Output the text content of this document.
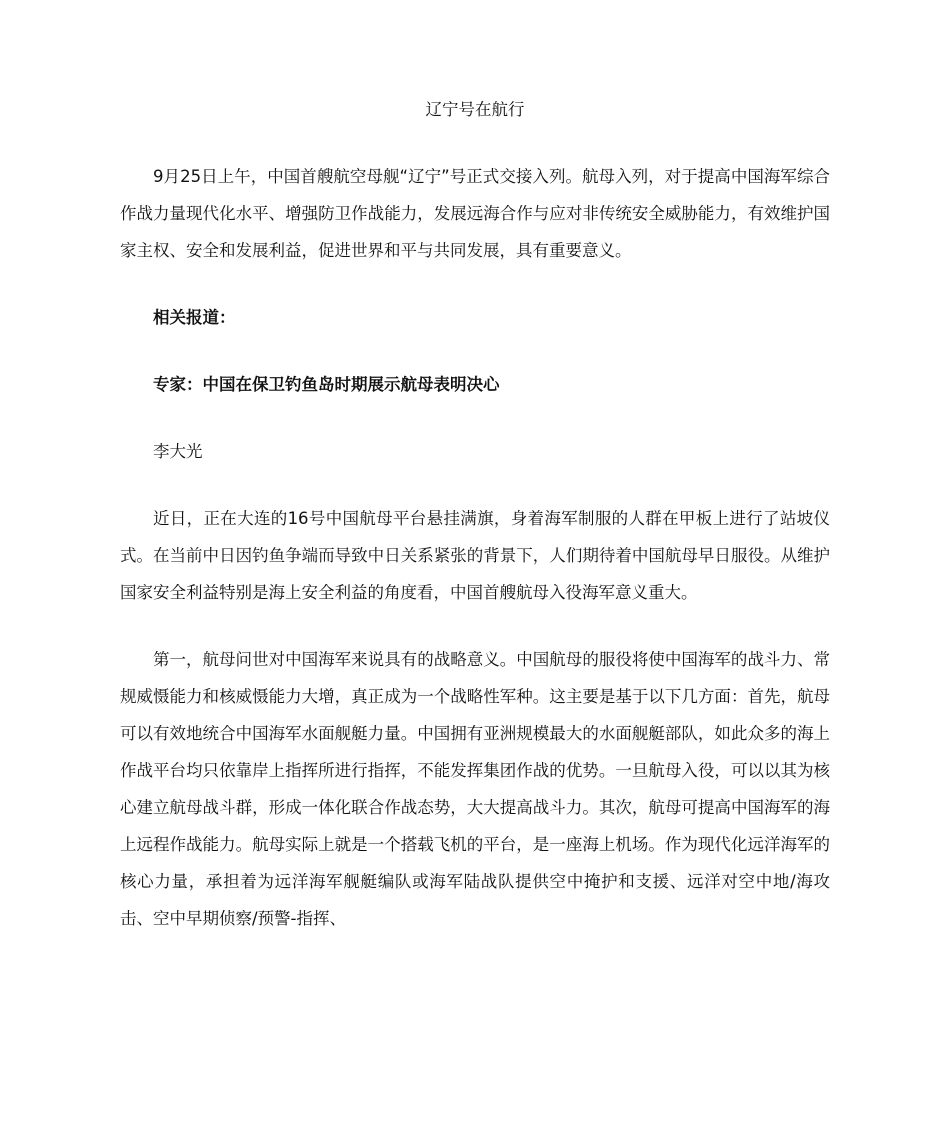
辽宁号在航行

9月25日上午，中国首艘航空母舰“辽宁”号正式交接入列。航母入列，对于提高中国海军综合作战力量现代化水平、增强防卫作战能力，发展远海合作与应对非传统安全威胁能力，有效维护国家主权、安全和发展利益，促进世界和平与共同发展，具有重要意义。

相关报道：

专家：中国在保卫钓鱼岛时期展示航母表明决心

李大光

近日，正在大连的16号中国航母平台悬挂满旗，身着海军制服的人群在甲板上进行了站坡仪式。在当前中日因钓鱼争端而导致中日关系紧张的背景下，人们期待着中国航母早日服役。从维护国家安全利益特别是海上安全利益的角度看，中国首艘航母入役海军意义重大。

第一，航母问世对中国海军来说具有的战略意义。中国航母的服役将使中国海军的战斗力、常规威慑能力和核威慑能力大增，真正成为一个战略性军种。这主要是基于以下几方面：首先，航母可以有效地统合中国海军水面舰艇力量。中国拥有亚洲规模最大的水面舰艇部队，如此众多的海上作战平台均只依靠岸上指挥所进行指挥，不能发挥集团作战的优势。一旦航母入役，可以以其为核心建立航母战斗群，形成一体化联合作战态势，大大提高战斗力。其次，航母可提高中国海军的海上远程作战能力。航母实际上就是一个搭载飞机的平台，是一座海上机场。作为现代化远洋海军的核心力量，承担着为远洋海军舰艇编队或海军陆战队提供空中掩护和支援、远洋对空中地/海攻击、空中早期侦察/预警-指挥、
